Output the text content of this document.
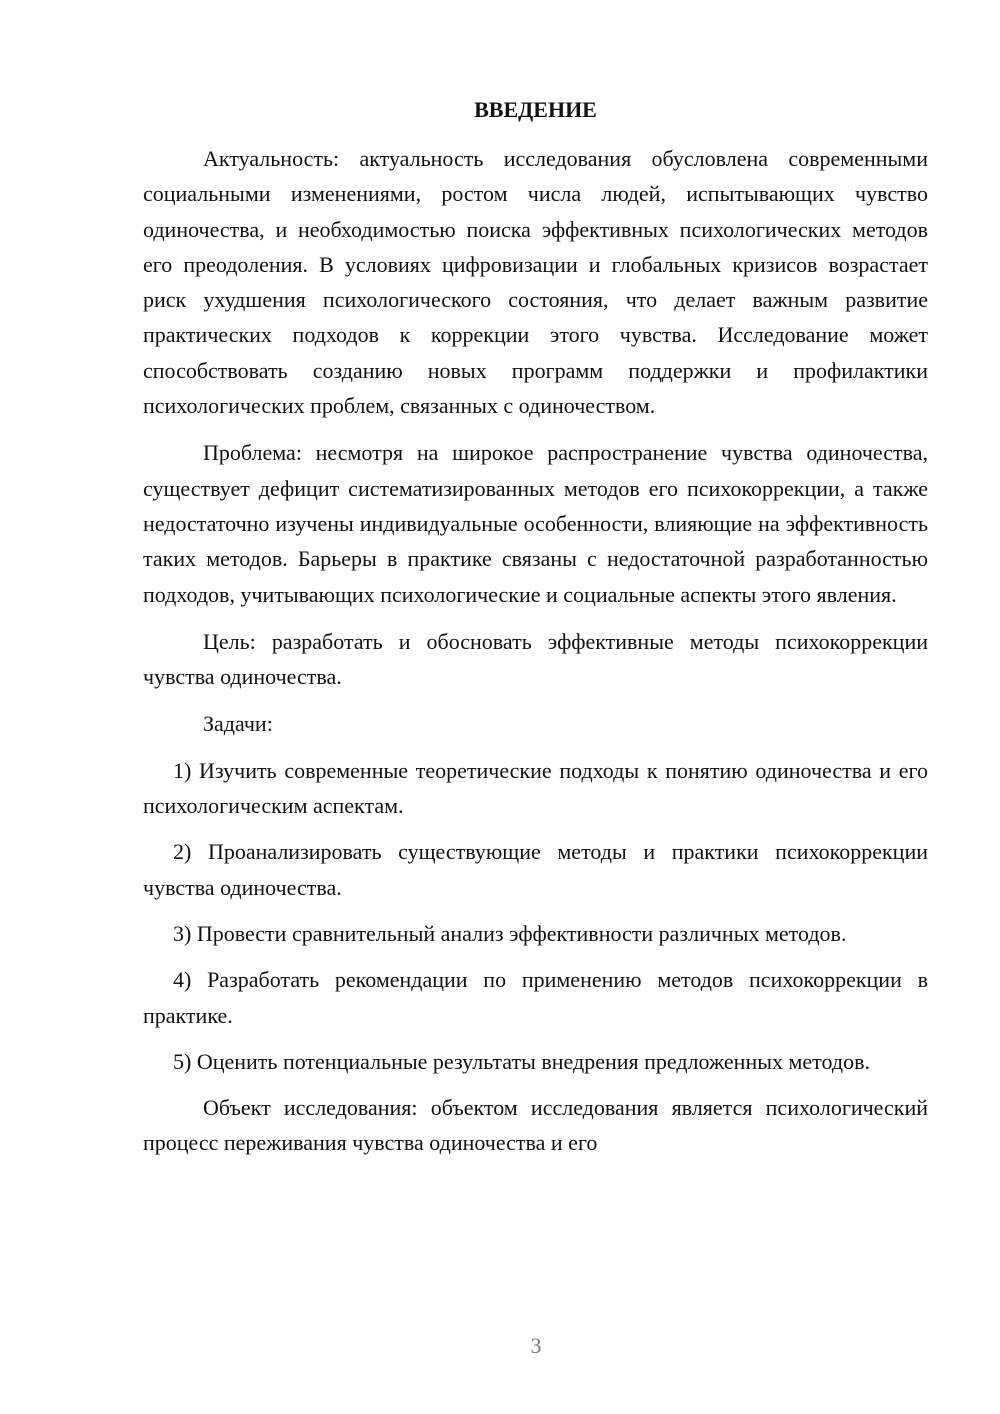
ВВЕДЕНИЕ

Актуальность: актуальность исследования обусловлена современными социальными изменениями, ростом числа людей, испытывающих чувство одиночества, и необходимостью поиска эффективных психологических методов его преодоления. В условиях цифровизации и глобальных кризисов возрастает риск ухудшения психологического состояния, что делает важным развитие практических подходов к коррекции этого чувства. Исследование может способствовать созданию новых программ поддержки и профилактики психологических проблем, связанных с одиночеством.

Проблема: несмотря на широкое распространение чувства одиночества, существует дефицит систематизированных методов его психокоррекции, а также недостаточно изучены индивидуальные особенности, влияющие на эффективность таких методов. Барьеры в практике связаны с недостаточной разработанностью подходов, учитывающих психологические и социальные аспекты этого явления.

Цель: разработать и обосновать эффективные методы психокоррекции чувства одиночества.

Задачи:

1) Изучить современные теоретические подходы к понятию одиночества и его психологическим аспектам.

2) Проанализировать существующие методы и практики психокоррекции чувства одиночества.

3) Провести сравнительный анализ эффективности различных методов.

4) Разработать рекомендации по применению методов психокоррекции в практике.

5) Оценить потенциальные результаты внедрения предложенных методов.

Объект исследования: объектом исследования является психологический процесс переживания чувства одиночества и его

3
